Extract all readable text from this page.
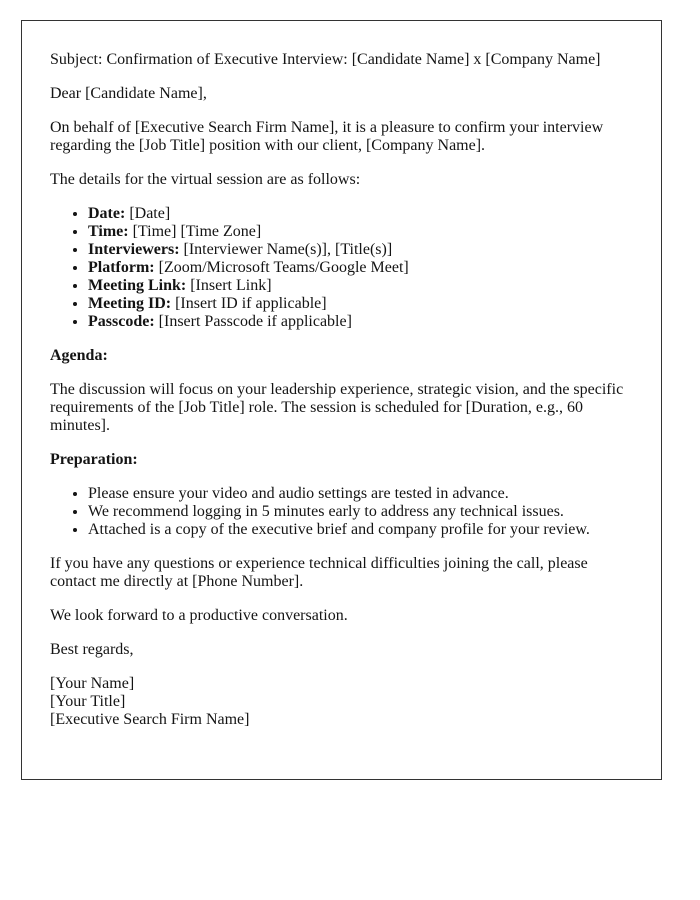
Subject: Confirmation of Executive Interview: [Candidate Name] x [Company Name]

Dear [Candidate Name],

On behalf of [Executive Search Firm Name], it is a pleasure to confirm your interview regarding the [Job Title] position with our client, [Company Name].

The details for the virtual session are as follows:

• Date: [Date]
• Time: [Time] [Time Zone]
• Interviewers: [Interviewer Name(s)], [Title(s)]
• Platform: [Zoom/Microsoft Teams/Google Meet]
• Meeting Link: [Insert Link]
• Meeting ID: [Insert ID if applicable]
• Passcode: [Insert Passcode if applicable]

Agenda:

The discussion will focus on your leadership experience, strategic vision, and the specific requirements of the [Job Title] role. The session is scheduled for [Duration, e.g., 60 minutes].

Preparation:

• Please ensure your video and audio settings are tested in advance.
• We recommend logging in 5 minutes early to address any technical issues.
• Attached is a copy of the executive brief and company profile for your review.

If you have any questions or experience technical difficulties joining the call, please contact me directly at [Phone Number].

We look forward to a productive conversation.

Best regards,

[Your Name]
[Your Title]
[Executive Search Firm Name]
